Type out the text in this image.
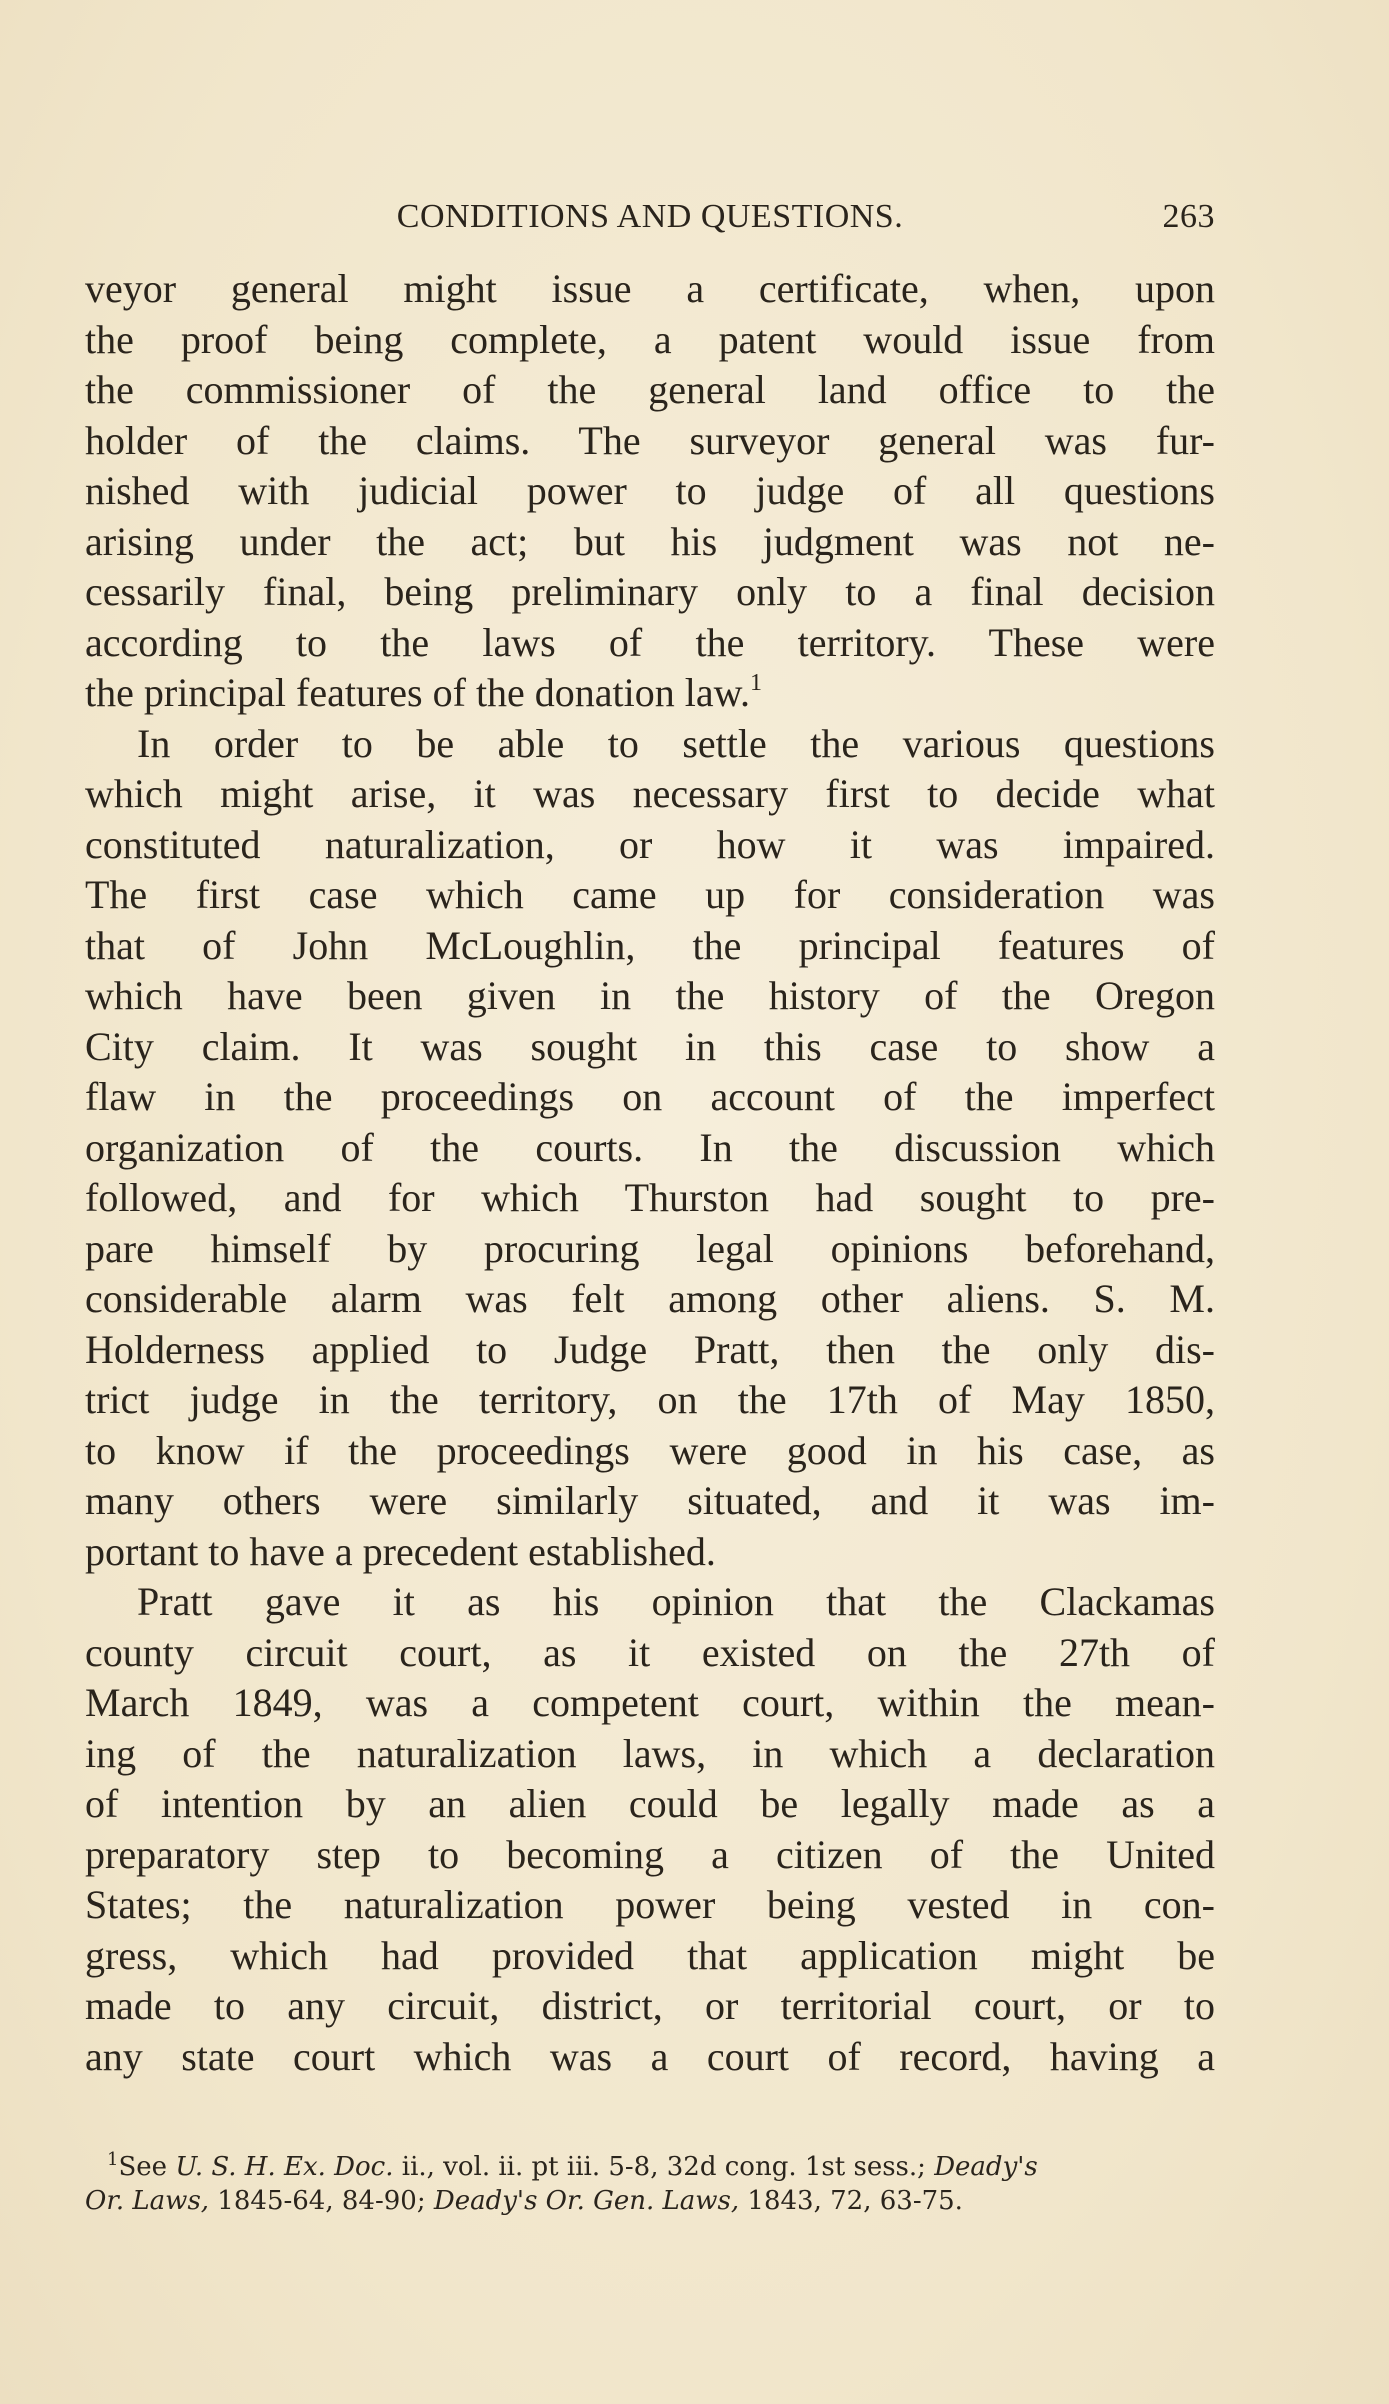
CONDITIONS AND QUESTIONS.	263
veyor general might issue a certificate, when, upon
the proof being complete, a patent would issue from
the commissioner of the general land office to the
holder of the claims. The surveyor general was fur-
nished with judicial power to judge of all questions
arising under the act; but his judgment was not ne-
cessarily final, being preliminary only to a final decision
according to the laws of the territory. These were
the principal features of the donation law.$^1$
In order to be able to settle the various questions
which might arise, it was necessary first to decide what
constituted naturalization, or how it was impaired.
The first case which came up for consideration was
that of John McLoughlin, the principal features of
which have been given in the history of the Oregon
City claim. It was sought in this case to show a
flaw in the proceedings on account of the imperfect
organization of the courts. In the discussion which
followed, and for which Thurston had sought to pre-
pare himself by procuring legal opinions beforehand,
considerable alarm was felt among other aliens. S. M.
Holderness applied to Judge Pratt, then the only dis-
trict judge in the territory, on the 17th of May 1850,
to know if the proceedings were good in his case, as
many others were similarly situated, and it was im-
portant to have a precedent established.
Pratt gave it as his opinion that the Clackamas
county circuit court, as it existed on the 27th of
March 1849, was a competent court, within the mean-
ing of the naturalization laws, in which a declaration
of intention by an alien could be legally made as a
preparatory step to becoming a citizen of the United
States; the naturalization power being vested in con-
gress, which had provided that application might be
made to any circuit, district, or territorial court, or to
any state court which was a court of record, having a
$^1$See U. S. H. Ex. Doc. ii., vol. ii. pt iii. 5-8, 32d cong. 1st sess.; Deady's
Or. Laws, 1845-64, 84-90; Deady's Or. Gen. Laws, 1843, 72, 63-75.
